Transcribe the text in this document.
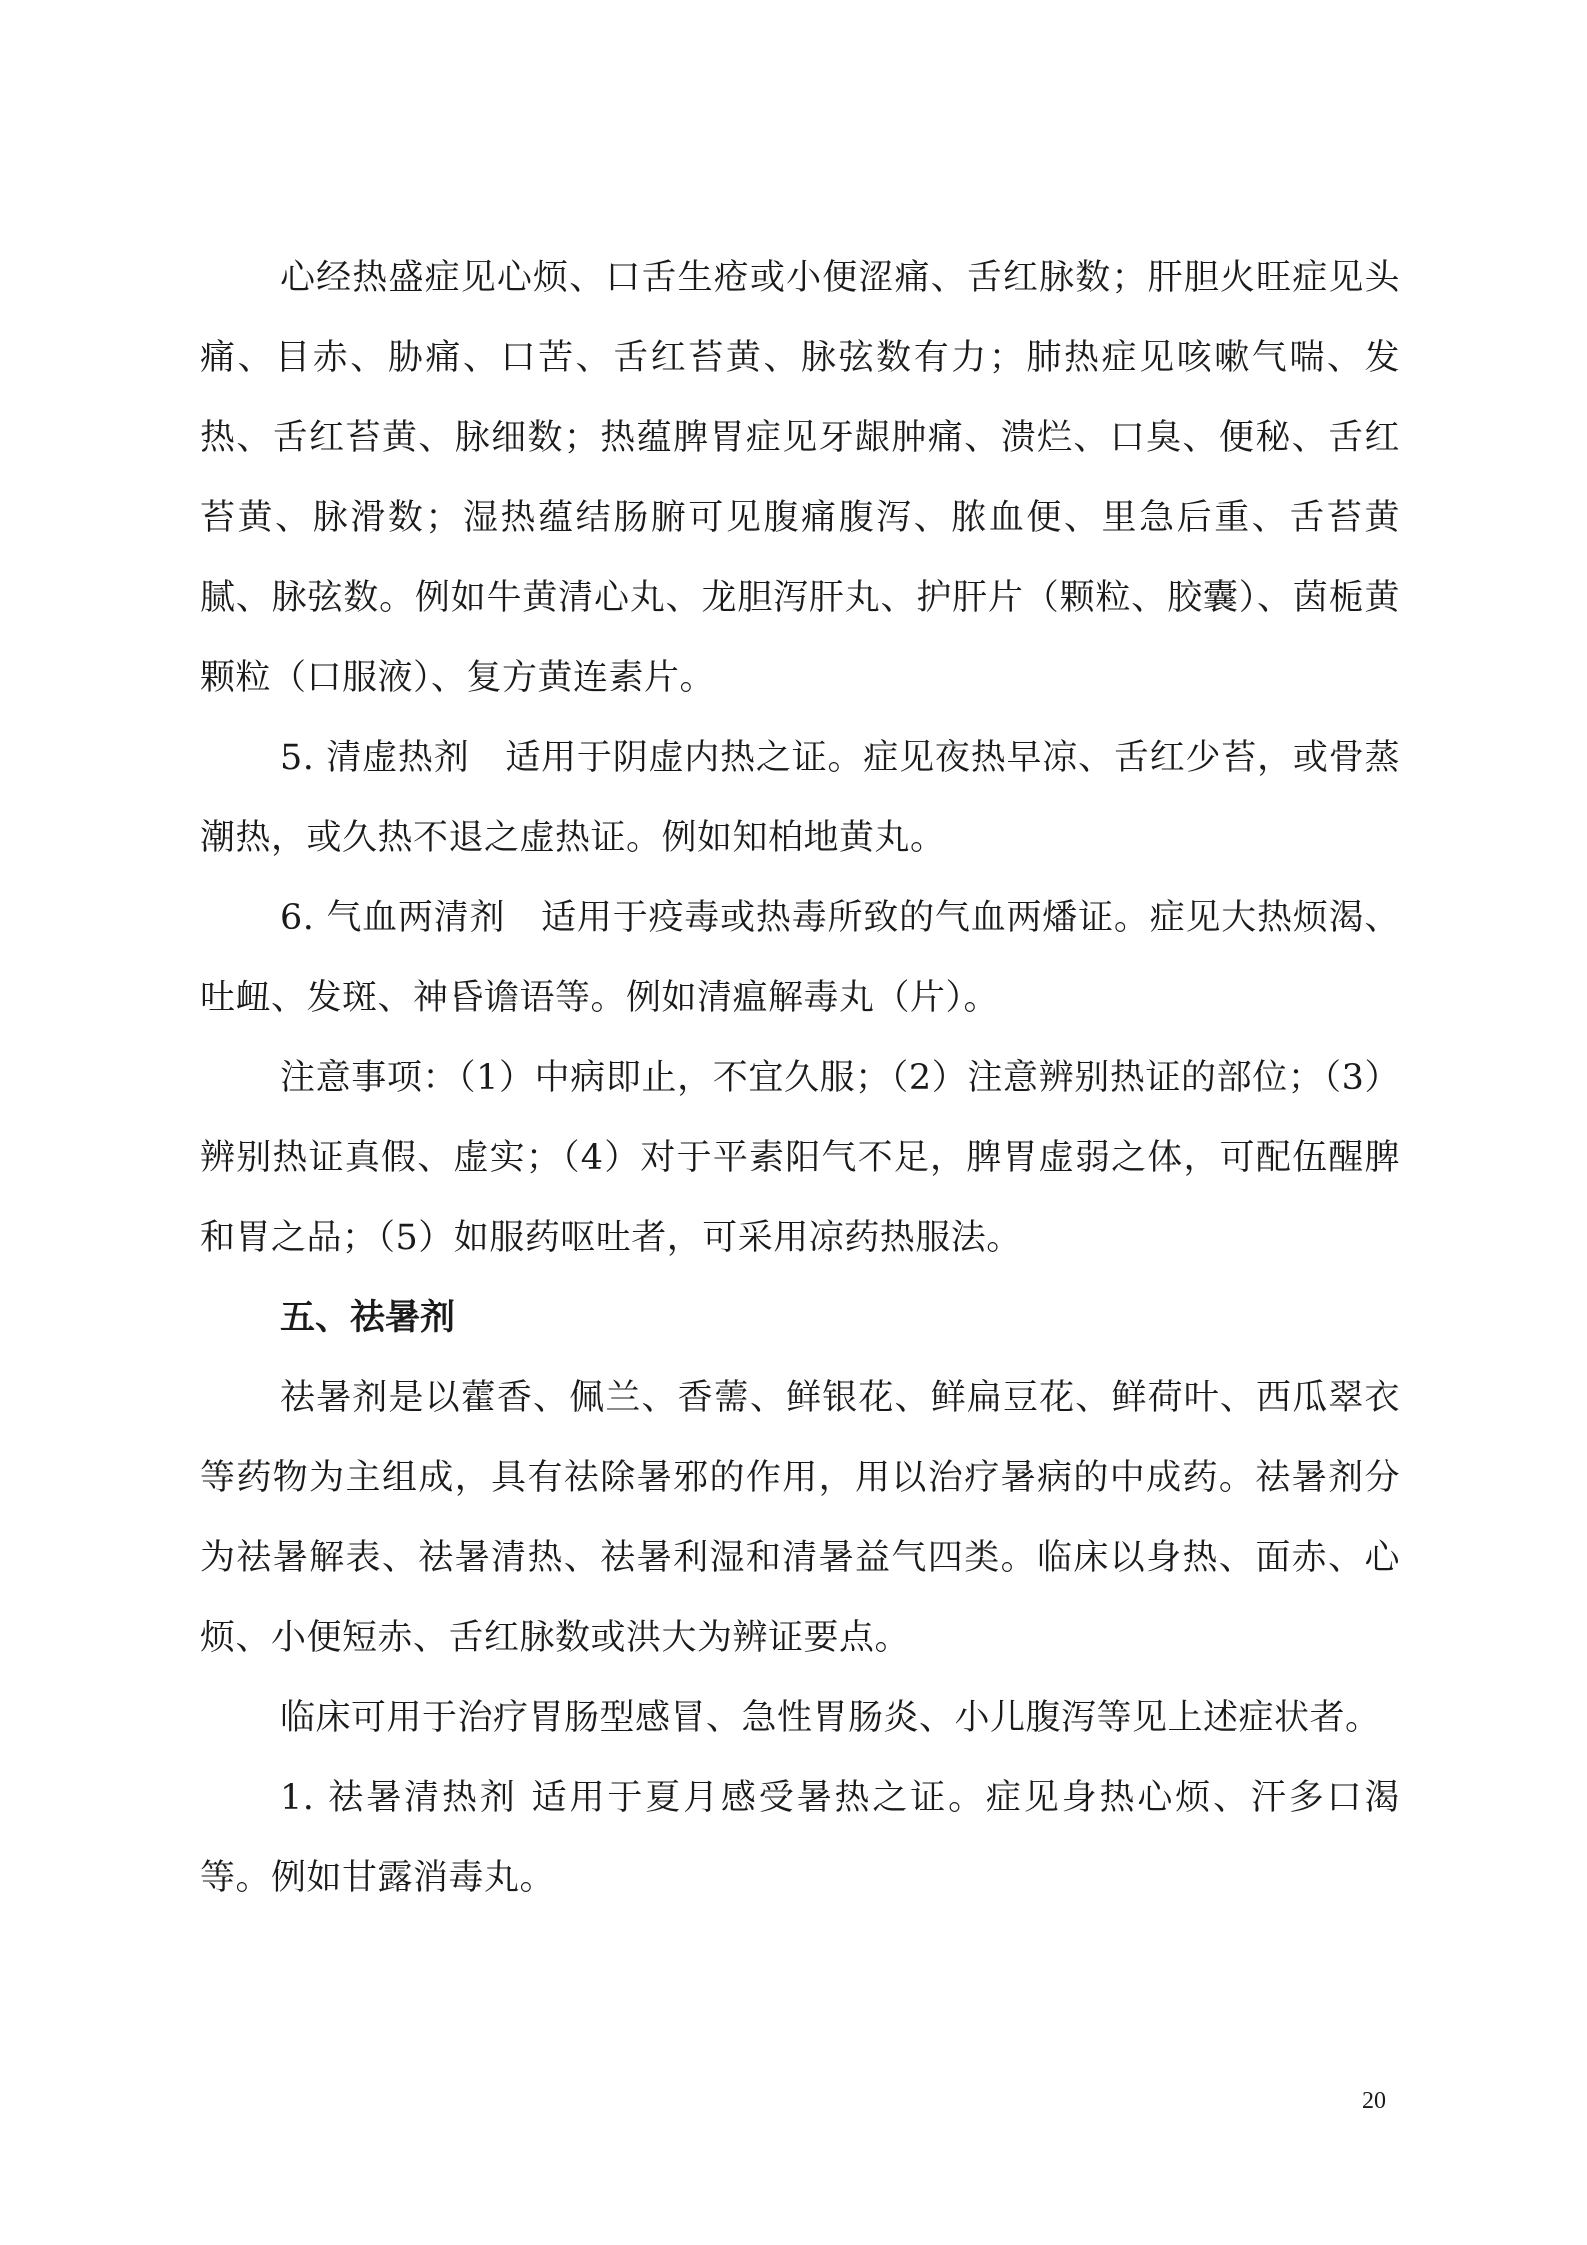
心经热盛症见心烦、口舌生疮或小便涩痛、舌红脉数；肝胆火旺症见头痛、目赤、胁痛、口苦、舌红苔黄、脉弦数有力；肺热症见咳嗽气喘、发热、舌红苔黄、脉细数；热蕴脾胃症见牙龈肿痛、溃烂、口臭、便秘、舌红苔黄、脉滑数；湿热蕴结肠腑可见腹痛腹泻、脓血便、里急后重、舌苔黄腻、脉弦数。例如牛黄清心丸、龙胆泻肝丸、护肝片（颗粒、胶囊）、茵栀黄颗粒（口服液）、复方黄连素片。

5. 清虚热剂　适用于阴虚内热之证。症见夜热早凉、舌红少苔，或骨蒸潮热，或久热不退之虚热证。例如知柏地黄丸。

6. 气血两清剂　适用于疫毒或热毒所致的气血两燔证。症见大热烦渴、吐衄、发斑、神昏谵语等。例如清瘟解毒丸（片）。

注意事项：（1）中病即止，不宜久服；（2）注意辨别热证的部位；（3）辨别热证真假、虚实；（4）对于平素阳气不足，脾胃虚弱之体，可配伍醒脾和胃之品；（5）如服药呕吐者，可采用凉药热服法。

五、祛暑剂

祛暑剂是以藿香、佩兰、香薷、鲜银花、鲜扁豆花、鲜荷叶、西瓜翠衣等药物为主组成，具有祛除暑邪的作用，用以治疗暑病的中成药。祛暑剂分为祛暑解表、祛暑清热、祛暑利湿和清暑益气四类。临床以身热、面赤、心烦、小便短赤、舌红脉数或洪大为辨证要点。

临床可用于治疗胃肠型感冒、急性胃肠炎、小儿腹泻等见上述症状者。

1. 祛暑清热剂 适用于夏月感受暑热之证。症见身热心烦、汗多口渴等。例如甘露消毒丸。

20
